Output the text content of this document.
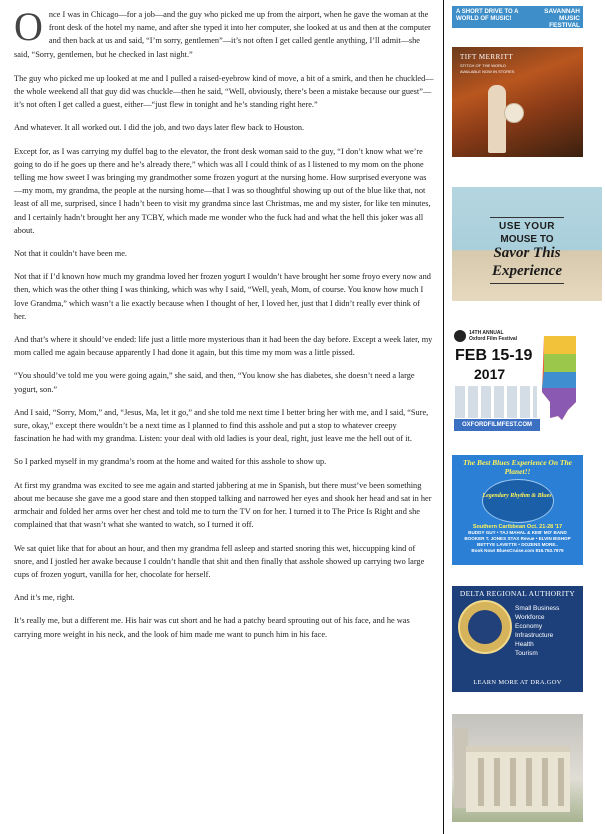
Once I was in Chicago—for a job—and the guy who picked me up from the airport, when he gave the woman at the front desk of the hotel my name, and after she typed it into her computer, she looked at us and then at the computer and then back at us and said, “I’m sorry, gentlemen”—it’s not often I get called gentle anything, I’ll admit—she said, “Sorry, gentlemen, but he checked in last night.”

The guy who picked me up looked at me and I pulled a raised-eyebrow kind of move, a bit of a smirk, and then he chuckled—the whole weekend all that guy did was chuckle—then he said, “Well, obviously, there’s been a mistake because our guest”—it’s not often I get called a guest, either—“just flew in tonight and he’s standing right here.”

And whatever. It all worked out. I did the job, and two days later flew back to Houston.

Except for, as I was carrying my duffel bag to the elevator, the front desk woman said to the guy, “I don’t know what we’re going to do if he goes up there and he’s already there,” which was all I could think of as I listened to my mom on the phone telling me how sweet I was bringing my grandmother some frozen yogurt at the nursing home. How surprised everyone was—my mom, my grandma, the people at the nursing home—that I was so thoughtful showing up out of the blue like that, not least of all me, surprised, since I hadn’t been to visit my grandma since last Christmas, me and my sister, for like ten minutes, and I certainly hadn’t brought her any TCBY, which made me wonder who the fuck had and what the hell this joker was all about.

Not that it couldn’t have been me.

Not that if I’d known how much my grandma loved her frozen yogurt I wouldn’t have brought her some froyo every now and then, which was the other thing I was thinking, which was why I said, “Well, yeah, Mom, of course. You know how much I love Grandma,” which wasn’t a lie exactly because when I thought of her, I loved her, just that I didn’t really ever think of her.

And that’s where it should’ve ended: life just a little more mysterious than it had been the day before. Except a week later, my mom called me again because apparently I had done it again, but this time my mom was a little pissed.

“You should’ve told me you were going again,” she said, and then, “You know she has diabetes, she doesn’t need a large yogurt, son.”

And I said, “Sorry, Mom,” and, “Jesus, Ma, let it go,” and she told me next time I better bring her with me, and I said, “Sure, sure, okay,” except there wouldn’t be a next time as I planned to find this asshole and put a stop to whatever creepy fascination he had with my grandma. Listen: your deal with old ladies is your deal, right, just leave me the hell out of it.

So I parked myself in my grandma’s room at the home and waited for this asshole to show up.

At first my grandma was excited to see me again and started jabbering at me in Spanish, but there must’ve been something about me because she gave me a good stare and then stopped talking and narrowed her eyes and shook her head and sat in her armchair and folded her arms over her chest and told me to turn the TV on for her. I turned it to The Price Is Right and she complained that that wasn’t what she wanted to watch, so I turned it off.

We sat quiet like that for about an hour, and then my grandma fell asleep and started snoring this wet, hiccupping kind of snore, and I jostled her awake because I couldn’t handle that shit and then finally that asshole showed up carrying two large cups of frozen yogurt, vanilla for her, chocolate for herself.

And it’s me, right.

It’s really me, but a different me. His hair was cut short and he had a patchy beard sprouting out of his face, and he was carrying more weight in his neck, and the look of him made me want to punch him in his face.

A SHORT DRIVE TO A WORLD OF MUSIC!
SAVANNAH MUSIC FESTIVAL
TIFT MERRITT
STITCH OF THE WORLD
AVAILABLE NOW IN STORES
USE YOUR
MOUSE TO
Savor This
Experience
14TH ANNUAL
Oxford Film Festival
FEB 15-19
2017
OXFORDFILMFEST.COM
The Best Blues Experience On The Planet!!
Legendary Rhythm & Blues
Southern Caribbean Oct. 21-28 '17
BUDDY GUY • TAJ MAHAL & KEB' MO' BAND
BOOKER T. JONES STAX Revue • ELVIN BISHOP
BETTYE LAVETTE • DOZENS MORE..
Book Now! BluesCruise.com 816.753.7979
DELTA REGIONAL AUTHORITY
Small Business
Workforce
Economy
Infrastructure
Health
Tourism
LEARN MORE AT DRA.GOV
